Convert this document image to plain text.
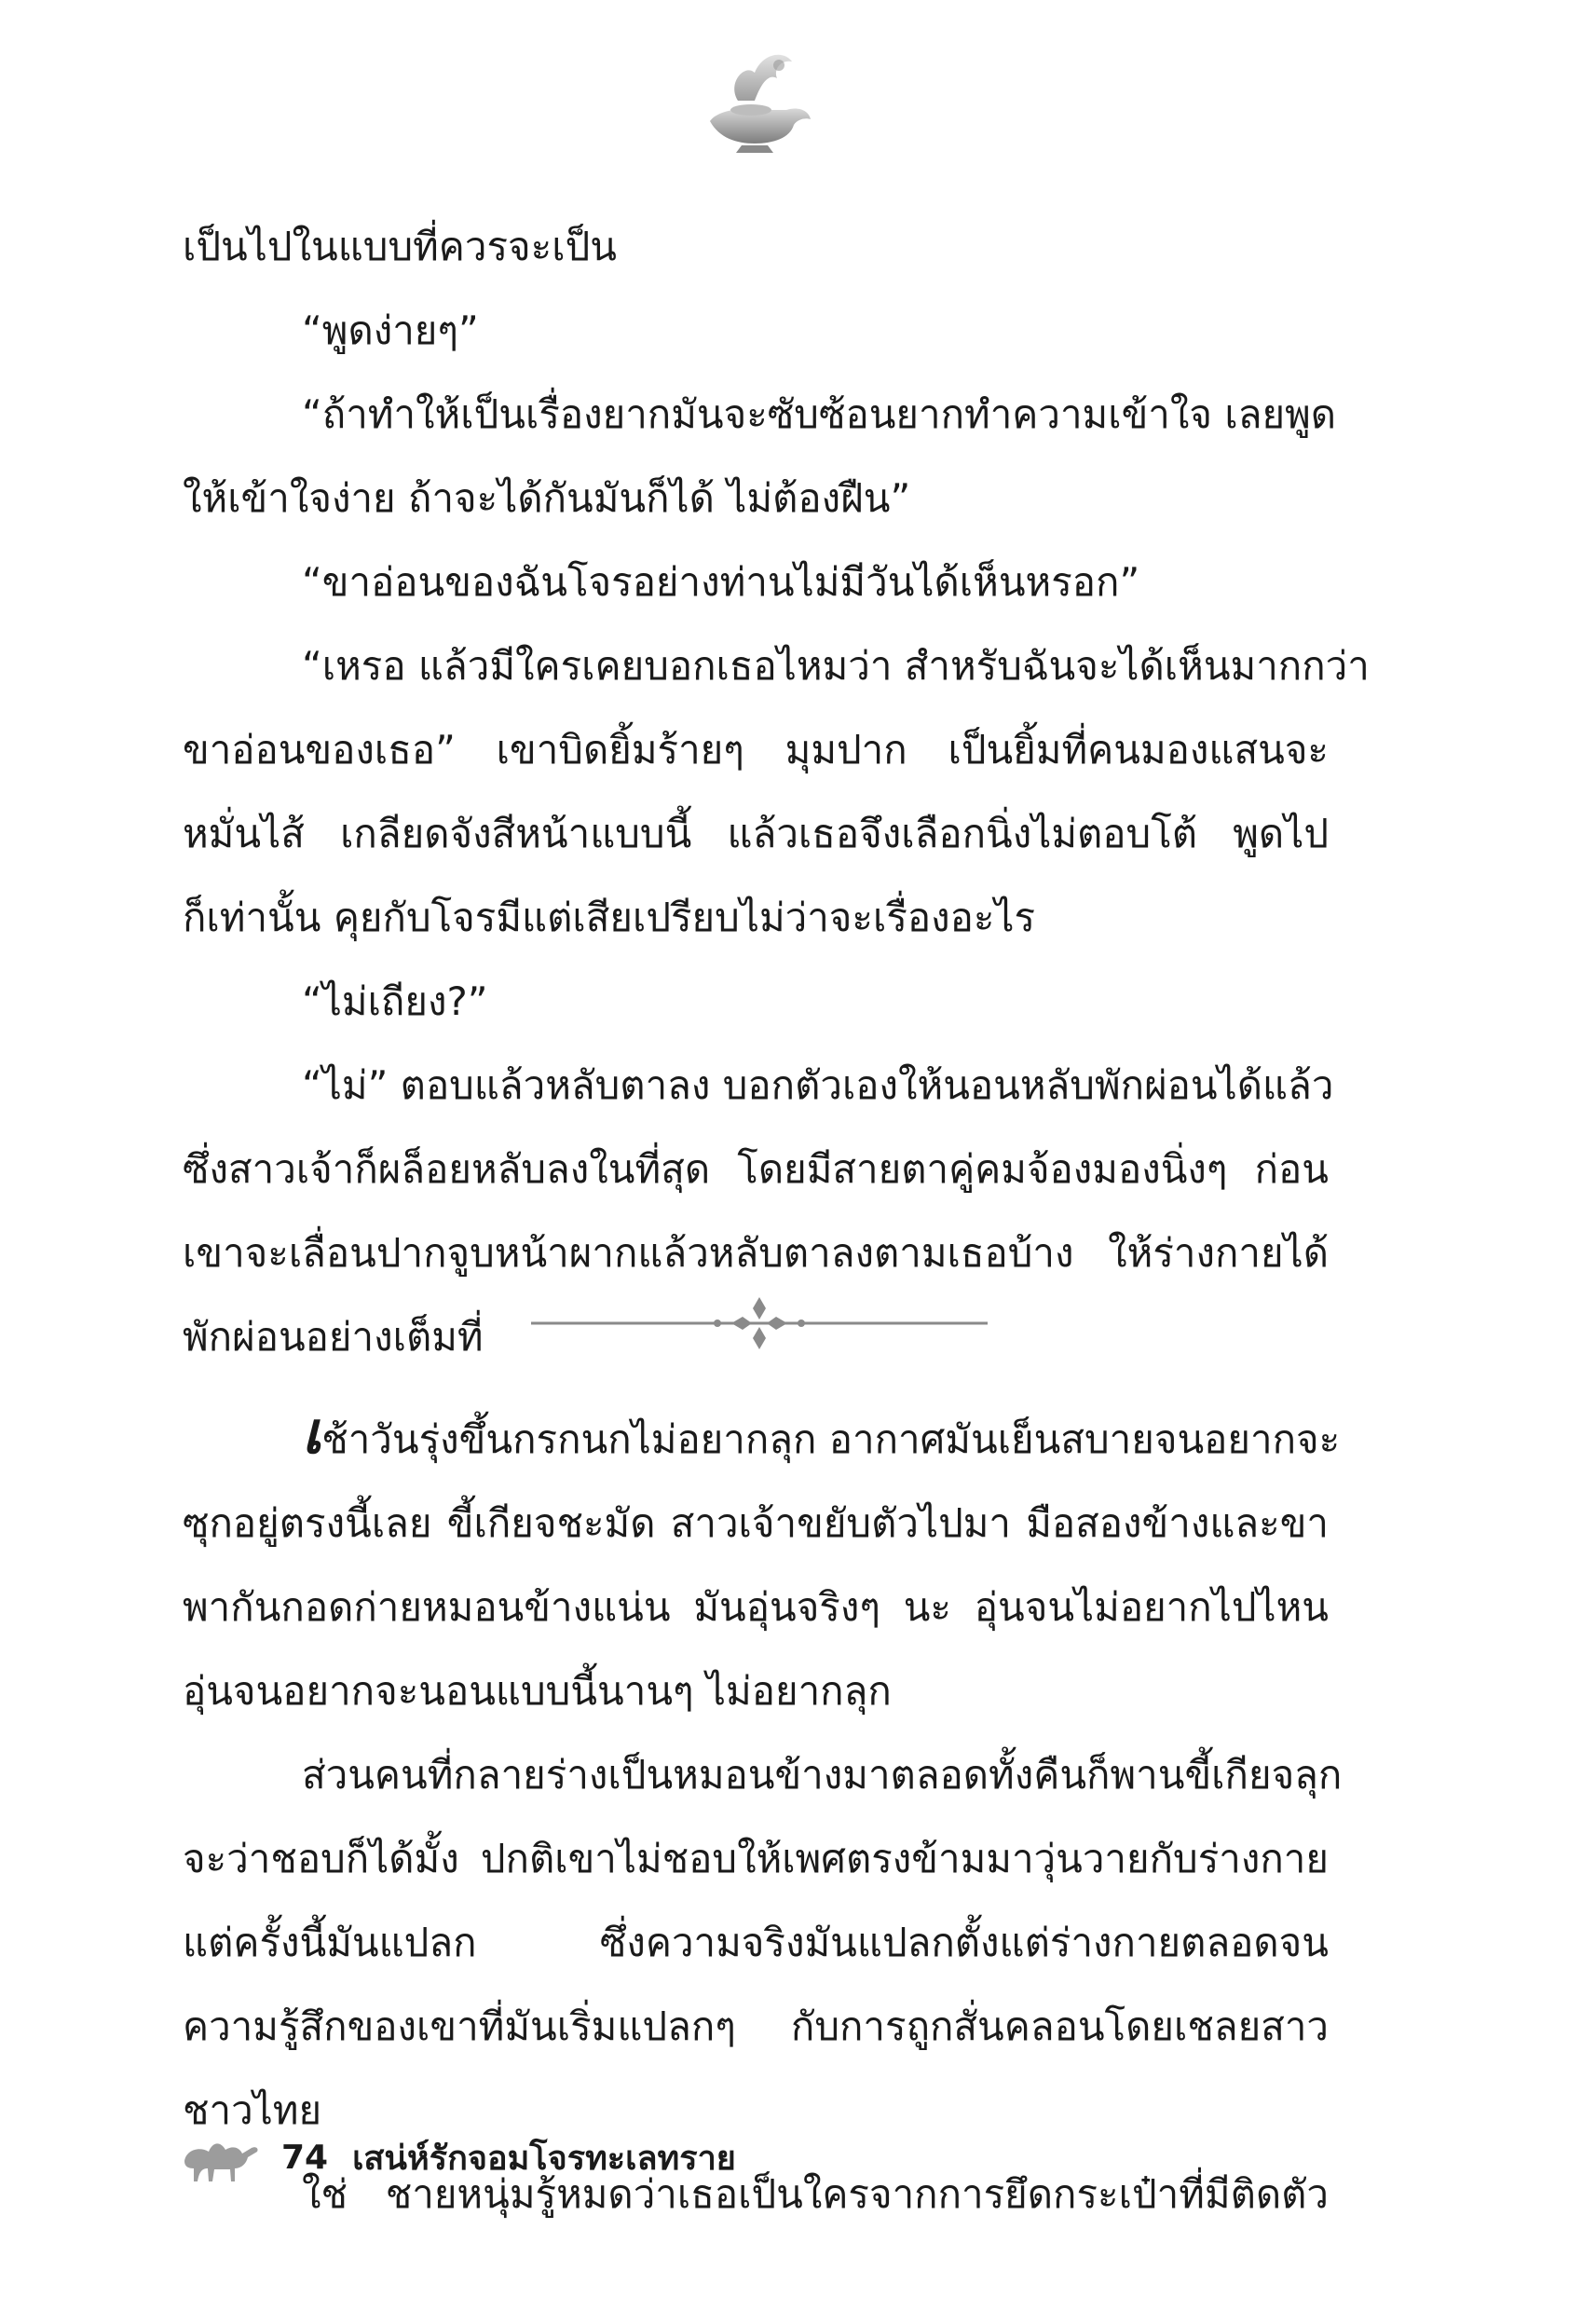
เป็นไปในแบบที่ควรจะเป็น
“พูดง่ายๆ”
“ถ้าทำให้เป็นเรื่องยากมันจะซับซ้อนยากทำความเข้าใจ เลยพูด
ให้เข้าใจง่าย ถ้าจะได้กันมันก็ได้ ไม่ต้องฝืน”
“ขาอ่อนของฉันโจรอย่างท่านไม่มีวันได้เห็นหรอก”
“เหรอ แล้วมีใครเคยบอกเธอไหมว่า สำหรับฉันจะได้เห็นมากกว่า
ขาอ่อนของเธอ” เขาบิดยิ้มร้ายๆ มุมปาก เป็นยิ้มที่คนมองแสนจะ
หมั่นไส้ เกลียดจังสีหน้าแบบนี้ แล้วเธอจึงเลือกนิ่งไม่ตอบโต้ พูดไป
ก็เท่านั้น คุยกับโจรมีแต่เสียเปรียบไม่ว่าจะเรื่องอะไร
“ไม่เถียง?”
“ไม่” ตอบแล้วหลับตาลง บอกตัวเองให้นอนหลับพักผ่อนได้แล้ว
ซึ่งสาวเจ้าก็ผล็อยหลับลงในที่สุด โดยมีสายตาคู่คมจ้องมองนิ่งๆ ก่อน
เขาจะเลื่อนปากจูบหน้าผากแล้วหลับตาลงตามเธอบ้าง ให้ร่างกายได้
พักผ่อนอย่างเต็มที่
เช้าวันรุ่งขึ้นกรกนกไม่อยากลุก อากาศมันเย็นสบายจนอยากจะ
ซุกอยู่ตรงนี้เลย ขี้เกียจชะมัด สาวเจ้าขยับตัวไปมา มือสองข้างและขา
พากันกอดก่ายหมอนข้างแน่น มันอุ่นจริงๆ นะ อุ่นจนไม่อยากไปไหน
อุ่นจนอยากจะนอนแบบนี้นานๆ ไม่อยากลุก
ส่วนคนที่กลายร่างเป็นหมอนข้างมาตลอดทั้งคืนก็พานขี้เกียจลุก
จะว่าชอบก็ได้มั้ง ปกติเขาไม่ชอบให้เพศตรงข้ามมาวุ่นวายกับร่างกาย
แต่ครั้งนี้มันแปลก ซึ่งความจริงมันแปลกตั้งแต่ร่างกายตลอดจน
ความรู้สึกของเขาที่มันเริ่มแปลกๆ กับการถูกสั่นคลอนโดยเชลยสาว
ชาวไทย
ใช่ ชายหนุ่มรู้หมดว่าเธอเป็นใครจากการยึดกระเป๋าที่มีติดตัว
74 เสน่ห์รักจอมโจรทะเลทราย
